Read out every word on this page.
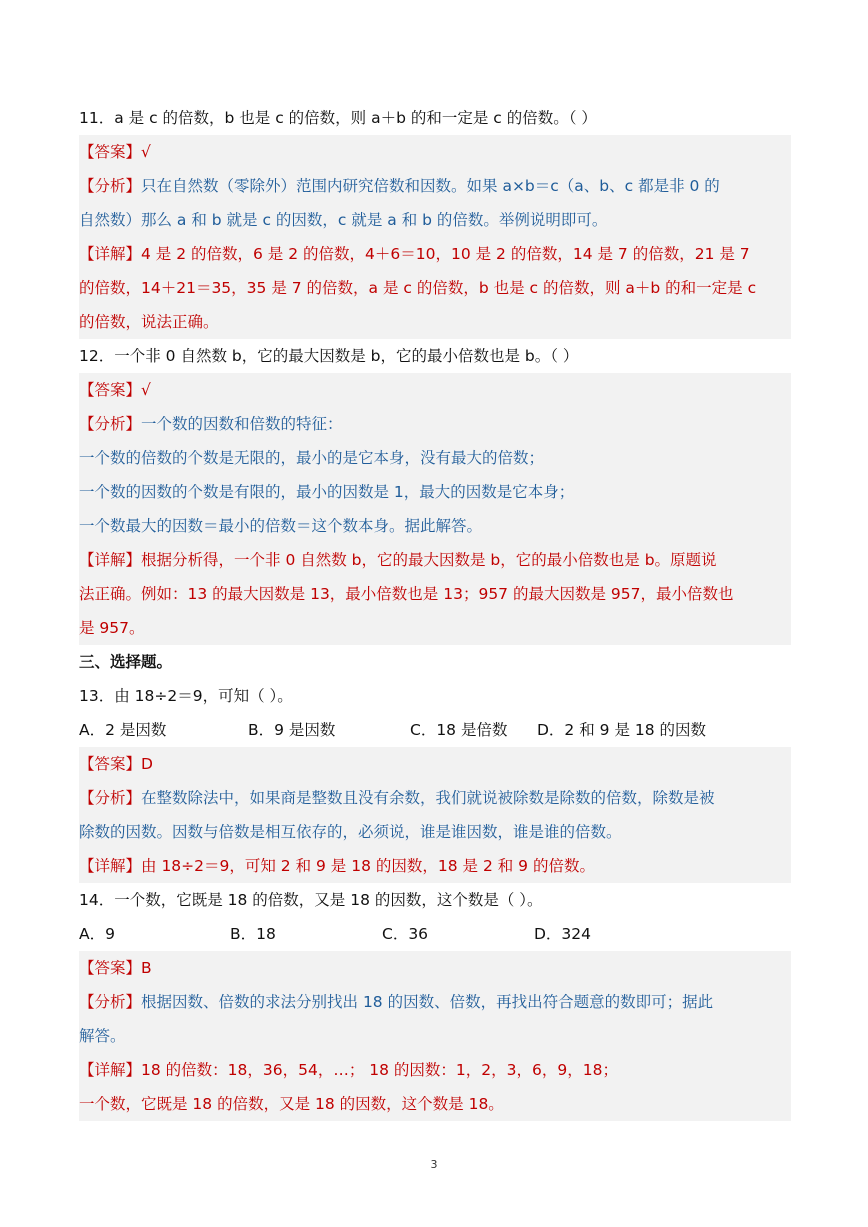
11．a 是 c 的倍数，b 也是 c 的倍数，则 a＋b 的和一定是 c 的倍数。（ ）
【答案】√
【分析】只在自然数（零除外）范围内研究倍数和因数。如果 a×b＝c（a、b、c 都是非 0 的
自然数）那么 a 和 b 就是 c 的因数，c 就是 a 和 b 的倍数。举例说明即可。
【详解】4 是 2 的倍数，6 是 2 的倍数，4＋6＝10，10 是 2 的倍数，14 是 7 的倍数，21 是 7
的倍数，14＋21＝35，35 是 7 的倍数，a 是 c 的倍数，b 也是 c 的倍数，则 a＋b 的和一定是 c
的倍数，说法正确。
12．一个非 0 自然数 b，它的最大因数是 b，它的最小倍数也是 b。（ ）
【答案】√
【分析】一个数的因数和倍数的特征：
一个数的倍数的个数是无限的，最小的是它本身，没有最大的倍数；
一个数的因数的个数是有限的，最小的因数是 1，最大的因数是它本身；
一个数最大的因数＝最小的倍数＝这个数本身。据此解答。
【详解】根据分析得，一个非 0 自然数 b，它的最大因数是 b，它的最小倍数也是 b。原题说
法正确。例如：13 的最大因数是 13，最小倍数也是 13；957 的最大因数是 957，最小倍数也
是 957。
三、选择题。
13．由 18÷2＝9，可知（ ）。
A．2 是因数	B．9 是因数	C．18 是倍数 D．2 和 9 是 18 的因数
【答案】D
【分析】在整数除法中，如果商是整数且没有余数，我们就说被除数是除数的倍数，除数是被
除数的因数。因数与倍数是相互依存的，必须说，谁是谁因数，谁是谁的倍数。
【详解】由 18÷2＝9，可知 2 和 9 是 18 的因数，18 是 2 和 9 的倍数。
14．一个数，它既是 18 的倍数，又是 18 的因数，这个数是（ ）。
A．9	B．18	C．36	D．324
【答案】B
【分析】根据因数、倍数的求法分别找出 18 的因数、倍数，再找出符合题意的数即可；据此
解答。
【详解】18 的倍数：18，36，54，…； 18 的因数：1，2，3，6，9，18；
一个数，它既是 18 的倍数，又是 18 的因数，这个数是 18。
3
